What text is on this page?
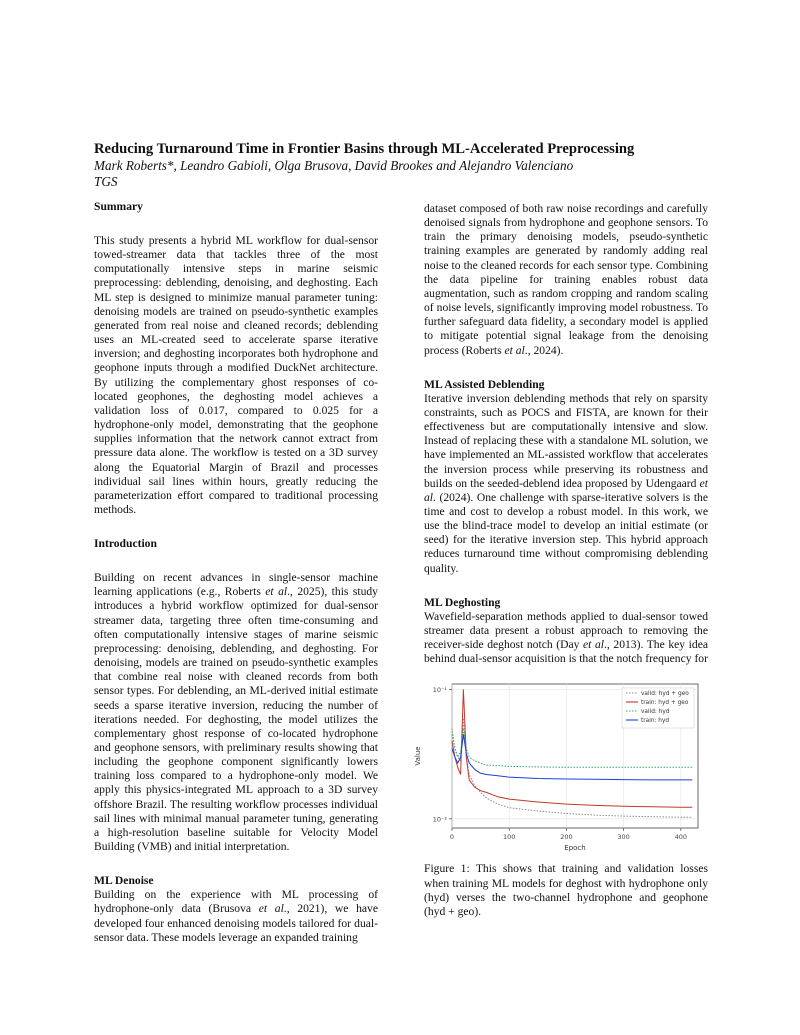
Reducing Turnaround Time in Frontier Basins through ML-Accelerated Preprocessing
Mark Roberts*, Leandro Gabioli, Olga Brusova, David Brookes and Alejandro Valenciano
TGS

Summary

This study presents a hybrid ML workflow for dual-sensor towed-streamer data that tackles three of the most computationally intensive steps in marine seismic preprocessing: deblending, denoising, and deghosting. Each ML step is designed to minimize manual parameter tuning: denoising models are trained on pseudo-synthetic examples generated from real noise and cleaned records; deblending uses an ML-created seed to accelerate sparse iterative inversion; and deghosting incorporates both hydrophone and geophone inputs through a modified DuckNet architecture. By utilizing the complementary ghost responses of co-located geophones, the deghosting model achieves a validation loss of 0.017, compared to 0.025 for a hydrophone-only model, demonstrating that the geophone supplies information that the network cannot extract from pressure data alone. The workflow is tested on a 3D survey along the Equatorial Margin of Brazil and processes individual sail lines within hours, greatly reducing the parameterization effort compared to traditional processing methods.

Introduction

Building on recent advances in single-sensor machine learning applications (e.g., Roberts et al., 2025), this study introduces a hybrid workflow optimized for dual-sensor streamer data, targeting three often time-consuming and often computationally intensive stages of marine seismic preprocessing: denoising, deblending, and deghosting. For denoising, models are trained on pseudo-synthetic examples that combine real noise with cleaned records from both sensor types. For deblending, an ML-derived initial estimate seeds a sparse iterative inversion, reducing the number of iterations needed. For deghosting, the model utilizes the complementary ghost response of co-located hydrophone and geophone sensors, with preliminary results showing that including the geophone component significantly lowers training loss compared to a hydrophone-only model. We apply this physics-integrated ML approach to a 3D survey offshore Brazil. The resulting workflow processes individual sail lines with minimal manual parameter tuning, generating a high-resolution baseline suitable for Velocity Model Building (VMB) and initial interpretation.

ML Denoise

Building on the experience with ML processing of hydrophone-only data (Brusova et al., 2021), we have developed four enhanced denoising models tailored for dual-sensor data. These models leverage an expanded training

dataset composed of both raw noise recordings and carefully denoised signals from hydrophone and geophone sensors. To train the primary denoising models, pseudo-synthetic training examples are generated by randomly adding real noise to the cleaned records for each sensor type. Combining the data pipeline for training enables robust data augmentation, such as random cropping and random scaling of noise levels, significantly improving model robustness. To further safeguard data fidelity, a secondary model is applied to mitigate potential signal leakage from the denoising process (Roberts et al., 2024).

ML Assisted Deblending

Iterative inversion deblending methods that rely on sparsity constraints, such as POCS and FISTA, are known for their effectiveness but are computationally intensive and slow. Instead of replacing these with a standalone ML solution, we have implemented an ML-assisted workflow that accelerates the inversion process while preserving its robustness and builds on the seeded-deblend idea proposed by Udengaard et al. (2024). One challenge with sparse-iterative solvers is the time and cost to develop a robust model. In this work, we use the blind-trace model to develop an initial estimate (or seed) for the iterative inversion step. This hybrid approach reduces turnaround time without compromising deblending quality.

ML Deghosting

Wavefield-separation methods applied to dual-sensor towed streamer data present a robust approach to removing the receiver-side deghost notch (Day et al., 2013). The key idea behind dual-sensor acquisition is that the notch frequency for

0	100	200	300	400
10⁻²
10⁻¹
Epoch
Value
valid: hyd + geo
train: hyd + geo
valid: hyd
train: hyd

Figure 1: This shows that training and validation losses when training ML models for deghost with hydrophone only (hyd) verses the two-channel hydrophone and geophone (hyd + geo).
